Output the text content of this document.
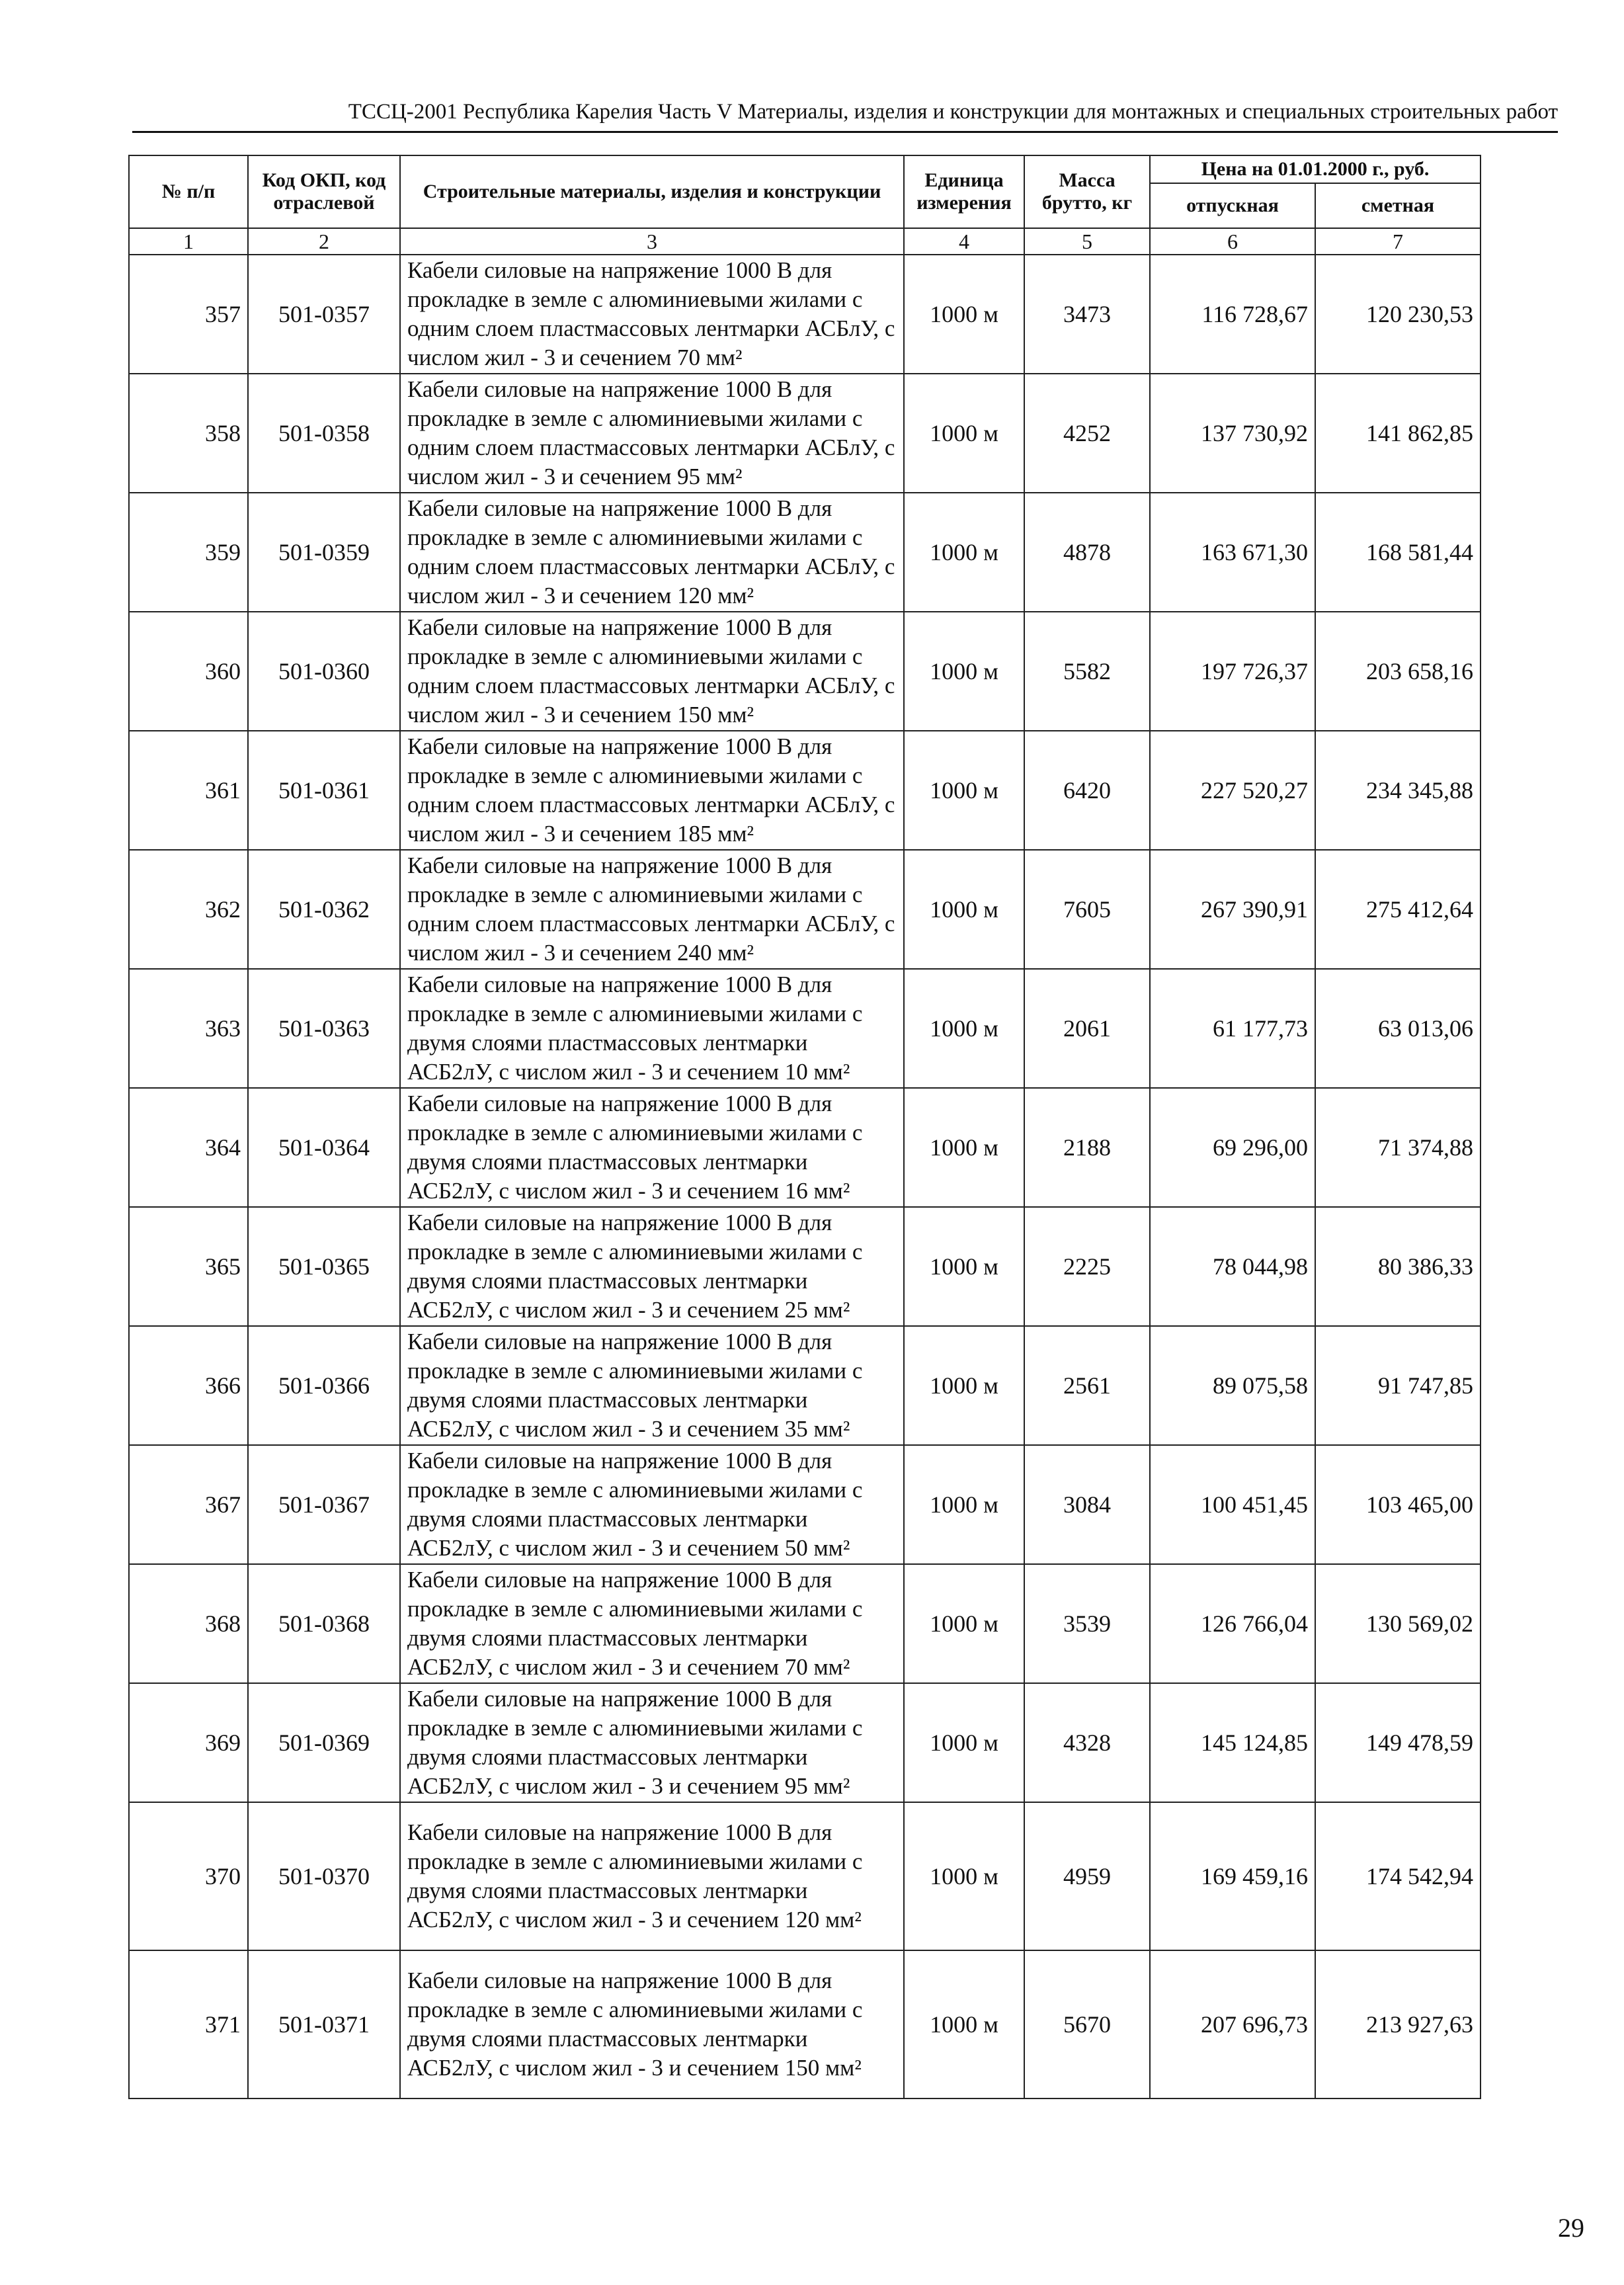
ТССЦ-2001 Республика Карелия Часть V Материалы, изделия и конструкции для монтажных и специальных строительных работ
№ п/п	Код ОКП, код отраслевой	Строительные материалы, изделия и конструкции	Единица измерения	Масса брутто, кг	Цена на 01.01.2000 г., руб.	
					отпускная	сметная
1	2	3	4	5	6	7
357	501-0357	Кабели силовые на напряжение 1000 В для прокладке в земле с алюминиевыми жилами с одним слоем пластмассовых лентмарки АСБлУ, с числом жил - 3 и сечением 70 мм²	1000 м	3473	116 728,67	120 230,53
358	501-0358	Кабели силовые на напряжение 1000 В для прокладке в земле с алюминиевыми жилами с одним слоем пластмассовых лентмарки АСБлУ, с числом жил - 3 и сечением 95 мм²	1000 м	4252	137 730,92	141 862,85
359	501-0359	Кабели силовые на напряжение 1000 В для прокладке в земле с алюминиевыми жилами с одним слоем пластмассовых лентмарки АСБлУ, с числом жил - 3 и сечением 120 мм²	1000 м	4878	163 671,30	168 581,44
360	501-0360	Кабели силовые на напряжение 1000 В для прокладке в земле с алюминиевыми жилами с одним слоем пластмассовых лентмарки АСБлУ, с числом жил - 3 и сечением 150 мм²	1000 м	5582	197 726,37	203 658,16
361	501-0361	Кабели силовые на напряжение 1000 В для прокладке в земле с алюминиевыми жилами с одним слоем пластмассовых лентмарки АСБлУ, с числом жил - 3 и сечением 185 мм²	1000 м	6420	227 520,27	234 345,88
362	501-0362	Кабели силовые на напряжение 1000 В для прокладке в земле с алюминиевыми жилами с одним слоем пластмассовых лентмарки АСБлУ, с числом жил - 3 и сечением 240 мм²	1000 м	7605	267 390,91	275 412,64
363	501-0363	Кабели силовые на напряжение 1000 В для прокладке в земле с алюминиевыми жилами с двумя слоями пластмассовых лентмарки АСБ2лУ, с числом жил - 3 и сечением 10 мм²	1000 м	2061	61 177,73	63 013,06
364	501-0364	Кабели силовые на напряжение 1000 В для прокладке в земле с алюминиевыми жилами с двумя слоями пластмассовых лентмарки АСБ2лУ, с числом жил - 3 и сечением 16 мм²	1000 м	2188	69 296,00	71 374,88
365	501-0365	Кабели силовые на напряжение 1000 В для прокладке в земле с алюминиевыми жилами с двумя слоями пластмассовых лентмарки АСБ2лУ, с числом жил - 3 и сечением 25 мм²	1000 м	2225	78 044,98	80 386,33
366	501-0366	Кабели силовые на напряжение 1000 В для прокладке в земле с алюминиевыми жилами с двумя слоями пластмассовых лентмарки АСБ2лУ, с числом жил - 3 и сечением 35 мм²	1000 м	2561	89 075,58	91 747,85
367	501-0367	Кабели силовые на напряжение 1000 В для прокладке в земле с алюминиевыми жилами с двумя слоями пластмассовых лентмарки АСБ2лУ, с числом жил - 3 и сечением 50 мм²	1000 м	3084	100 451,45	103 465,00
368	501-0368	Кабели силовые на напряжение 1000 В для прокладке в земле с алюминиевыми жилами с двумя слоями пластмассовых лентмарки АСБ2лУ, с числом жил - 3 и сечением 70 мм²	1000 м	3539	126 766,04	130 569,02
369	501-0369	Кабели силовые на напряжение 1000 В для прокладке в земле с алюминиевыми жилами с двумя слоями пластмассовых лентмарки АСБ2лУ, с числом жил - 3 и сечением 95 мм²	1000 м	4328	145 124,85	149 478,59
370	501-0370	Кабели силовые на напряжение 1000 В для прокладке в земле с алюминиевыми жилами с двумя слоями пластмассовых лентмарки АСБ2лУ, с числом жил - 3 и сечением 120 мм²	1000 м	4959	169 459,16	174 542,94
371	501-0371	Кабели силовые на напряжение 1000 В для прокладке в земле с алюминиевыми жилами с двумя слоями пластмассовых лентмарки АСБ2лУ, с числом жил - 3 и сечением 150 мм²	1000 м	5670	207 696,73	213 927,63
29
